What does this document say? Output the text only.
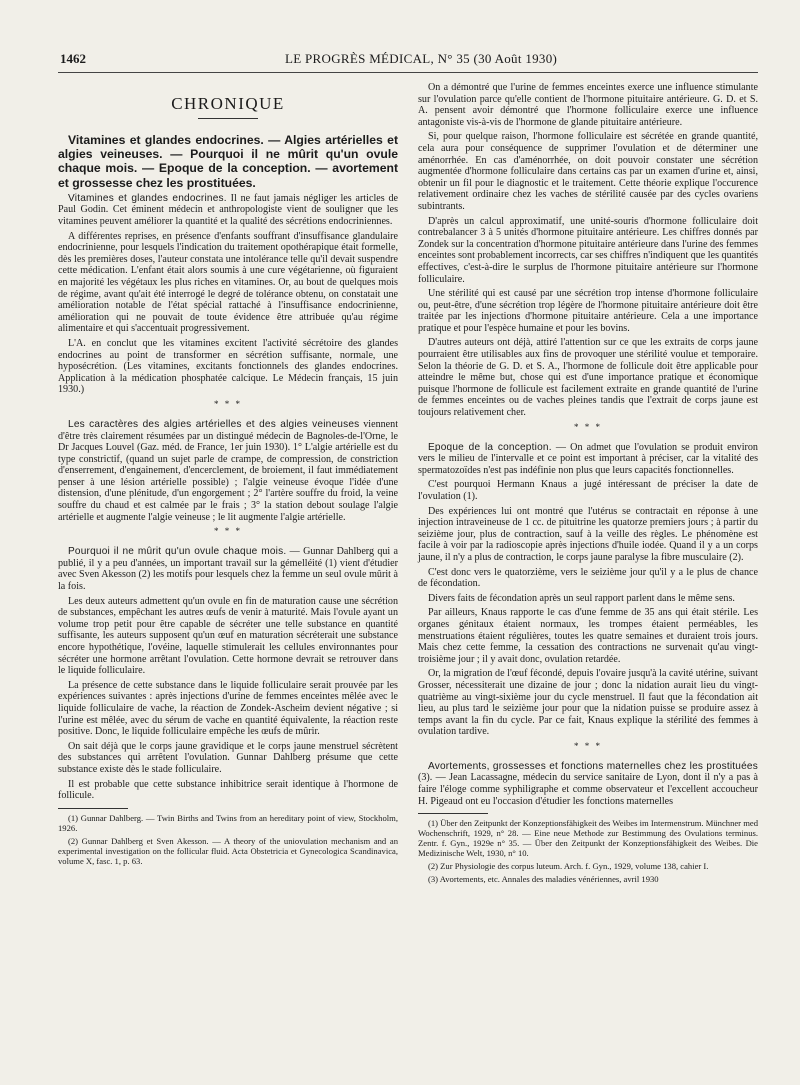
1462	LE PROGRÈS MÉDICAL, N° 35 (30 Août 1930)
CHRONIQUE

Vitamines et glandes endocrines. — Algies artérielles et algies veineuses. — Pourquoi il ne mûrit qu'un ovule chaque mois. — Epoque de la conception. — avortement et grossesse chez les prostituées.

Vitamines et glandes endocrines. Il ne faut jamais négliger les articles de Paul Godin. Cet éminent médecin et anthropologiste vient de souligner que les vitamines peuvent améliorer la quantité et la qualité des sécrétions endocriniennes.

A différentes reprises, en présence d'enfants souffrant d'insuffisance glandulaire endocrinienne, pour lesquels l'indication du traitement opothérapique était formelle, dès les premières doses, l'auteur constata une intolérance telle qu'il devait suspendre cette médication. L'enfant était alors soumis à une cure végétarienne, où figuraient en majorité les végétaux les plus riches en vitamines. Or, au bout de quelques mois de régime, avant qu'ait été interrogé le degré de tolérance obtenu, on constatait une amélioration notable de l'état spécial rattaché à l'insuffisance endocrinienne, amélioration qui ne pouvait de toute évidence être attribuée qu'au régime alimentaire et qui s'accentuait progressivement.

L'A. en conclut que les vitamines excitent l'activité sécrétoire des glandes endocrines au point de transformer en sécrétion suffisante, normale, une hyposécrétion. (Les vitamines, excitants fonctionnels des glandes endocrines. Application à la médication phosphatée calcique. Le Médecin français, 15 juin 1930.)

* * *

Les caractères des algies artérielles et des algies veineuses viennent d'être très clairement résumées par un distingué médecin de Bagnoles-de-l'Orne, le Dr Jacques Louvel (Gaz. méd. de France, 1er juin 1930). 1° L'algie artérielle est du type constrictif, (quand un sujet parle de crampe, de compression, de constriction d'enserrement, d'engainement, d'encerclement, de broiement, il faut immédiatement penser à une lésion artérielle possible) ; l'algie veineuse évoque l'idée d'une distension, d'une plénitude, d'un engorgement ; 2° l'artère souffre du froid, la veine souffre du chaud et est calmée par le frais ; 3° la station debout soulage l'algie artérielle et augmente l'algie veineuse ; le lit augmente l'algie artérielle.

* * *

Pourquoi il ne mûrit qu'un ovule chaque mois. — Gunnar Dahlberg qui a publié, il y a peu d'années, un important travail sur la gémelléité (1) vient d'étudier avec Sven Akesson (2) les motifs pour lesquels chez la femme un seul ovule mûrit à la fois.

Les deux auteurs admettent qu'un ovule en fin de maturation cause une sécrétion de substances, empêchant les autres œufs de venir à maturité. Mais l'ovule ayant un volume trop petit pour être capable de sécréter une telle substance en quantité suffisante, les auteurs supposent qu'un œuf en maturation sécréterait une substance encore hypothétique, l'ovéine, laquelle stimulerait les cellules environnantes pour sécréter une hormone arrêtant l'ovulation. Cette hormone devrait se retrouver dans le liquide folliculaire.

La présence de cette substance dans le liquide folliculaire serait prouvée par les expériences suivantes : après injections d'urine de femmes enceintes mêlée avec le liquide folliculaire de vache, la réaction de Zondek-Ascheim devient négative ; si l'urine est mêlée, avec du sérum de vache en quantité équivalente, la réaction reste positive. Donc, le liquide folliculaire empêche les œufs de mûrir.

On sait déjà que le corps jaune gravidique et le corps jaune menstruel sécrètent des substances qui arrêtent l'ovulation. Gunnar Dahlberg présume que cette substance existe dès le stade folliculaire.

Il est probable que cette substance inhibitrice serait identique à l'hormone de follicule.

(1) Gunnar Dahlberg. — Twin Births and Twins from an hereditary point of view, Stockholm, 1926.

(2) Gunnar Dahlberg et Sven Akesson. — A theory of the uniovulation mechanism and an experimental investigation on the follicular fluid. Acta Obstetricia et Gynecologica Scandinavica, volume X, fasc. 1, p. 63.

On a démontré que l'urine de femmes enceintes exerce une influence stimulante sur l'ovulation parce qu'elle contient de l'hormone pituitaire antérieure. G. D. et S. A. pensent avoir démontré que l'hormone folliculaire exerce une influence antagoniste vis-à-vis de l'hormone de glande pituitaire antérieure.

Si, pour quelque raison, l'hormone folliculaire est sécrétée en grande quantité, cela aura pour conséquence de supprimer l'ovulation et de déterminer une aménorrhée. En cas d'aménorrhée, on doit pouvoir constater une sécrétion augmentée d'hormone folliculaire dans certains cas par un examen d'urine et, ainsi, obtenir un fil pour le diagnostic et le traitement. Cette théorie explique l'occurence relativement ordinaire chez les vaches de stérilité causée par des cycles ovariens subintrants.

D'après un calcul approximatif, une unité-souris d'hormone folliculaire doit contrebalancer 3 à 5 unités d'hormone pituitaire antérieure. Les chiffres donnés par Zondek sur la concentration d'hormone pituitaire antérieure dans l'urine des femmes enceintes sont probablement incorrects, car ses chiffres n'indiquent que les quantités effectives, c'est-à-dire le surplus de l'hormone pituitaire antérieure sur l'hormone folliculaire.

Une stérilité qui est causé par une sécrétion trop intense d'hormone folliculaire ou, peut-être, d'une sécrétion trop légère de l'hormone pituitaire antérieure doit être traitée par les injections d'hormone pituitaire antérieure. Cela a une importance pratique et pour l'espèce humaine et pour les bovins.

D'autres auteurs ont déjà, attiré l'attention sur ce que les extraits de corps jaune pourraient être utilisables aux fins de provoquer une stérilité voulue et temporaire. Selon la théorie de G. D. et S. A., l'hormone de follicule doit être applicable pour atteindre le même but, chose qui est d'une importance pratique et économique puisque l'hormone de follicule est facilement extraite en grande quantité de l'urine de femmes enceintes ou de vaches pleines tandis que l'extrait de corps jaune est toujours relativement cher.

* * *

Epoque de la conception. — On admet que l'ovulation se produit environ vers le milieu de l'intervalle et ce point est important à préciser, car la vitalité des spermatozoïdes n'est pas indéfinie non plus que leurs capacités fonctionnelles.

C'est pourquoi Hermann Knaus a jugé intéressant de préciser la date de l'ovulation (1).

Des expériences lui ont montré que l'utérus se contractait en réponse à une injection intraveineuse de 1 cc. de pituitrine les quatorze premiers jours ; à partir du seizième jour, plus de contraction, sauf à la veille des règles. Le phénomène est facile à voir par la radioscopie après injections d'huile iodée. Quand il y a un corps jaune, il n'y a plus de contraction, le corps jaune paralyse la fibre musculaire (2).

C'est donc vers le quatorzième, vers le seizième jour qu'il y a le plus de chance de fécondation.

Divers faits de fécondation après un seul rapport parlent dans le même sens.

Par ailleurs, Knaus rapporte le cas d'une femme de 35 ans qui était stérile. Les organes génitaux étaient normaux, les trompes étaient perméables, les menstruations étaient régulières, toutes les quatre semaines et duraient trois jours. Mais chez cette femme, la cessation des contractions ne survenait qu'au vingt-troisième jour ; il y avait donc, ovulation retardée.

Or, la migration de l'œuf fécondé, depuis l'ovaire jusqu'à la cavité utérine, suivant Grosser, nécessiterait une dizaine de jour ; donc la nidation aurait lieu du vingt-quatrième au vingt-sixième jour du cycle menstruel. Il faut que la fécondation ait lieu, au plus tard le seizième jour pour que la nidation puisse se produire assez à temps avant la fin du cycle. Par ce fait, Knaus explique la stérilité des femmes à ovulation tardive.

* * *

Avortements, grossesses et fonctions maternelles chez les prostituées (3). — Jean Lacassagne, médecin du service sanitaire de Lyon, dont il n'y a pas à faire l'éloge comme syphiligraphe et comme observateur et l'excellent accoucheur H. Pigeaud ont eu l'occasion d'étudier les fonctions maternelles

(1) Über den Zeitpunkt der Konzeptionsfähigkeit des Weibes im Intermenstrum. Münchner med Wochenschrift, 1929, n° 28. — Eine neue Methode zur Bestimmung des Ovulations terminus. Zentr. f. Gyn., 1929e n° 35. — Über den Zeitpunkt der Konzeptionsfähigkeit des Weibes. Die Medizinische Welt, 1930, n° 10.

(2) Zur Physiologie des corpus luteum. Arch. f. Gyn., 1929, volume 138, cahier I.

(3) Avortements, etc. Annales des maladies vénériennes, avril 1930
